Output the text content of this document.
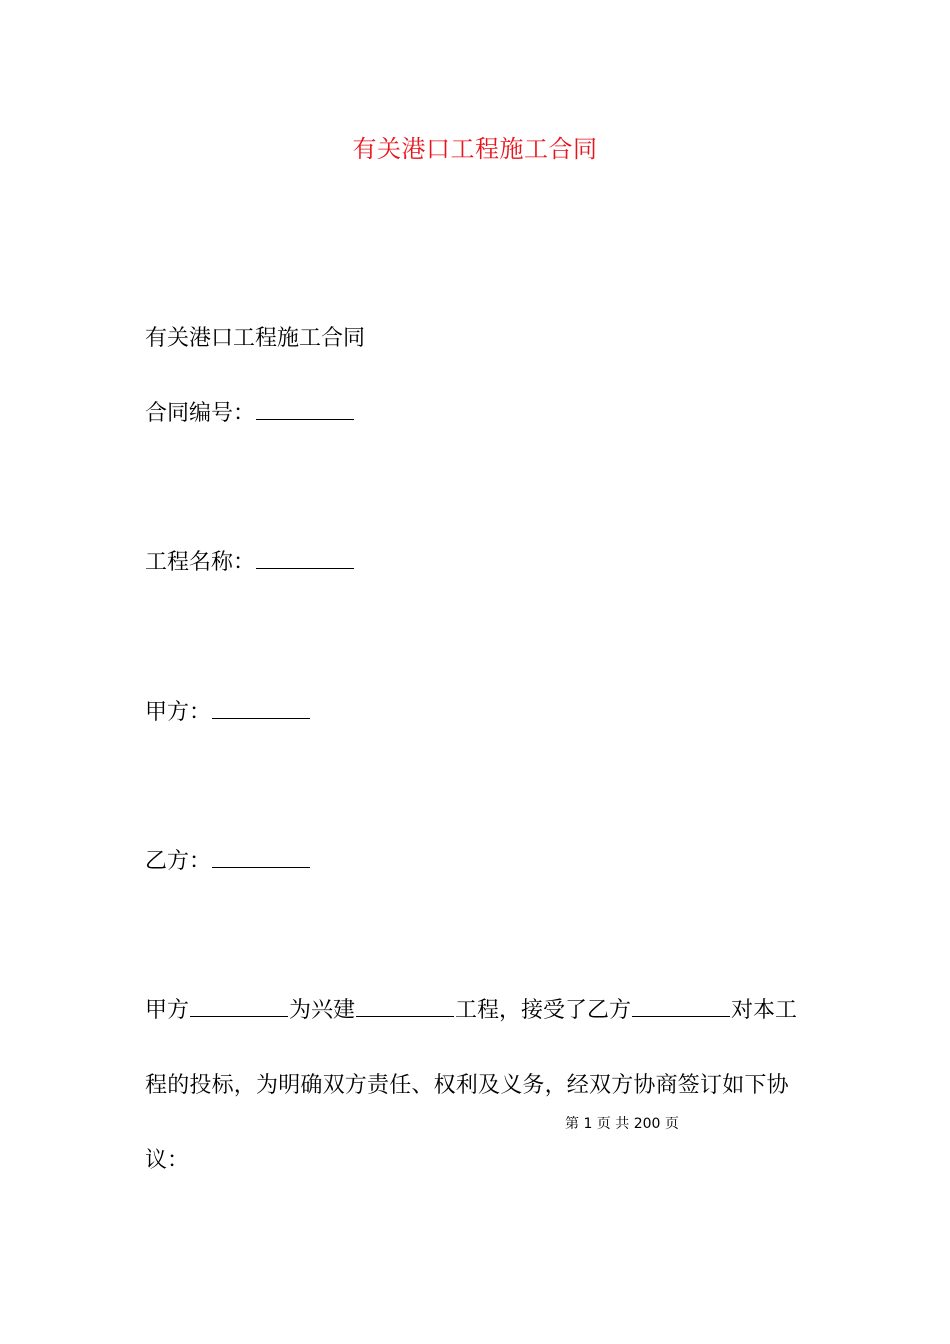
有关港口工程施工合同
有关港口工程施工合同
合同编号：
工程名称：
甲方：
乙方：
甲方	为兴建	工程，接受了乙方	对本工
程的投标，为明确双方责任、权利及义务，经双方协商签订如下协
第 1 页 共 200 页
议：
